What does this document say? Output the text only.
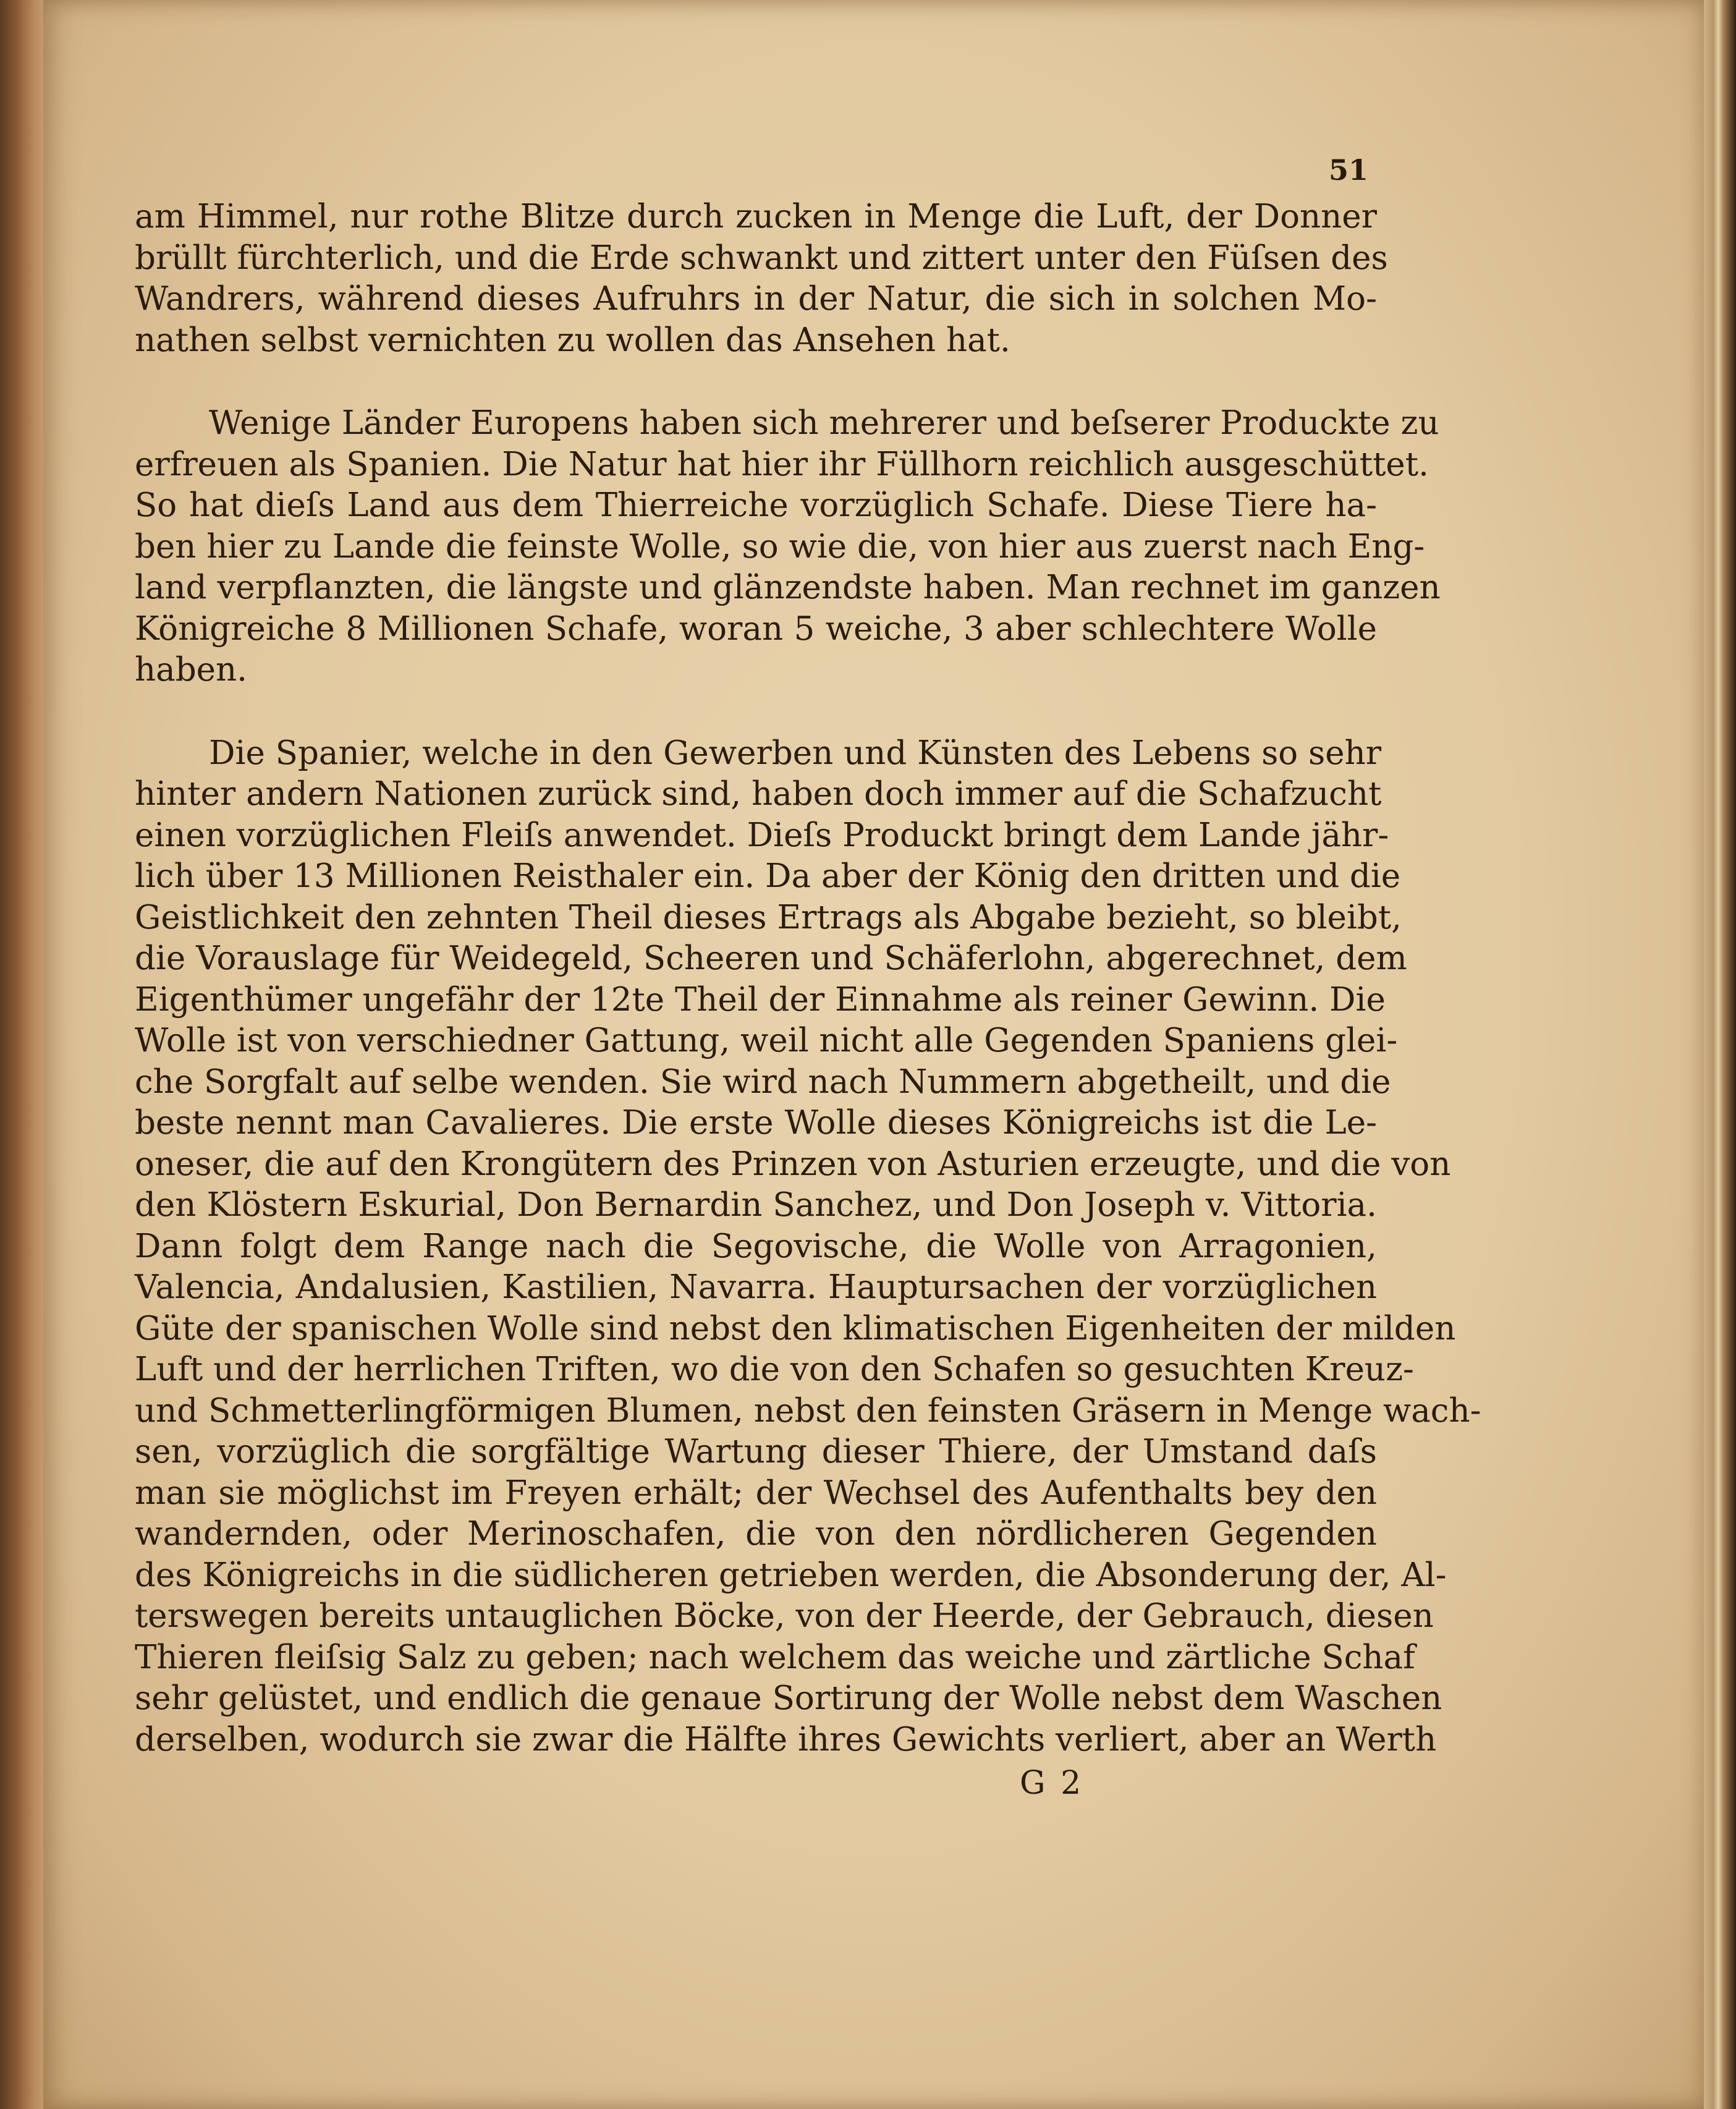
51

am Himmel, nur rothe Blitze durch zucken in Menge die Luft, der Donner
brüllt fürchterlich, und die Erde schwankt und zittert unter den Füſsen des
Wandrers, während dieses Aufruhrs in der Natur, die sich in solchen Mo-
nathen selbst vernichten zu wollen das Ansehen hat.

Wenige Länder Europens haben sich mehrerer und beſserer Produckte zu
erfreuen als Spanien. Die Natur hat hier ihr Füllhorn reichlich ausgeschüttet.
So hat dieſs Land aus dem Thierreiche vorzüglich Schafe. Diese Tiere ha-
ben hier zu Lande die feinste Wolle, so wie die, von hier aus zuerst nach Eng-
land verpflanzten, die längste und glänzendste haben. Man rechnet im ganzen
Königreiche 8 Millionen Schafe, woran 5 weiche, 3 aber schlechtere Wolle
haben.

Die Spanier, welche in den Gewerben und Künsten des Lebens so sehr
hinter andern Nationen zurück sind, haben doch immer auf die Schafzucht
einen vorzüglichen Fleiſs anwendet. Dieſs Produckt bringt dem Lande jähr-
lich über 13 Millionen Reisthaler ein. Da aber der König den dritten und die
Geistlichkeit den zehnten Theil dieses Ertrags als Abgabe bezieht, so bleibt,
die Vorauslage für Weidegeld, Scheeren und Schäferlohn, abgerechnet, dem
Eigenthümer ungefähr der 12te Theil der Einnahme als reiner Gewinn. Die
Wolle ist von verschiedner Gattung, weil nicht alle Gegenden Spaniens glei-
che Sorgfalt auf selbe wenden. Sie wird nach Nummern abgetheilt, und die
beste nennt man Cavalieres. Die erste Wolle dieses Königreichs ist die Le-
oneser, die auf den Krongütern des Prinzen von Asturien erzeugte, und die von
den Klöstern Eskurial, Don Bernardin Sanchez, und Don Joseph v. Vittoria.
Dann folgt dem Range nach die Segovische, die Wolle von Arragonien,
Valencia, Andalusien, Kastilien, Navarra. Hauptursachen der vorzüglichen
Güte der spanischen Wolle sind nebst den klimatischen Eigenheiten der milden
Luft und der herrlichen Triften, wo die von den Schafen so gesuchten Kreuz-
und Schmetterlingförmigen Blumen, nebst den feinsten Gräsern in Menge wach-
sen, vorzüglich die sorgfältige Wartung dieser Thiere, der Umstand daſs
man sie möglichst im Freyen erhält; der Wechsel des Aufenthalts bey den
wandernden, oder Merinoschafen, die von den nördlicheren Gegenden
des Königreichs in die südlicheren getrieben werden, die Absonderung der, Al-
terswegen bereits untauglichen Böcke, von der Heerde, der Gebrauch, diesen
Thieren fleiſsig Salz zu geben; nach welchem das weiche und zärtliche Schaf
sehr gelüstet, und endlich die genaue Sortirung der Wolle nebst dem Waschen
derselben, wodurch sie zwar die Hälfte ihres Gewichts verliert, aber an Werth

G 2
